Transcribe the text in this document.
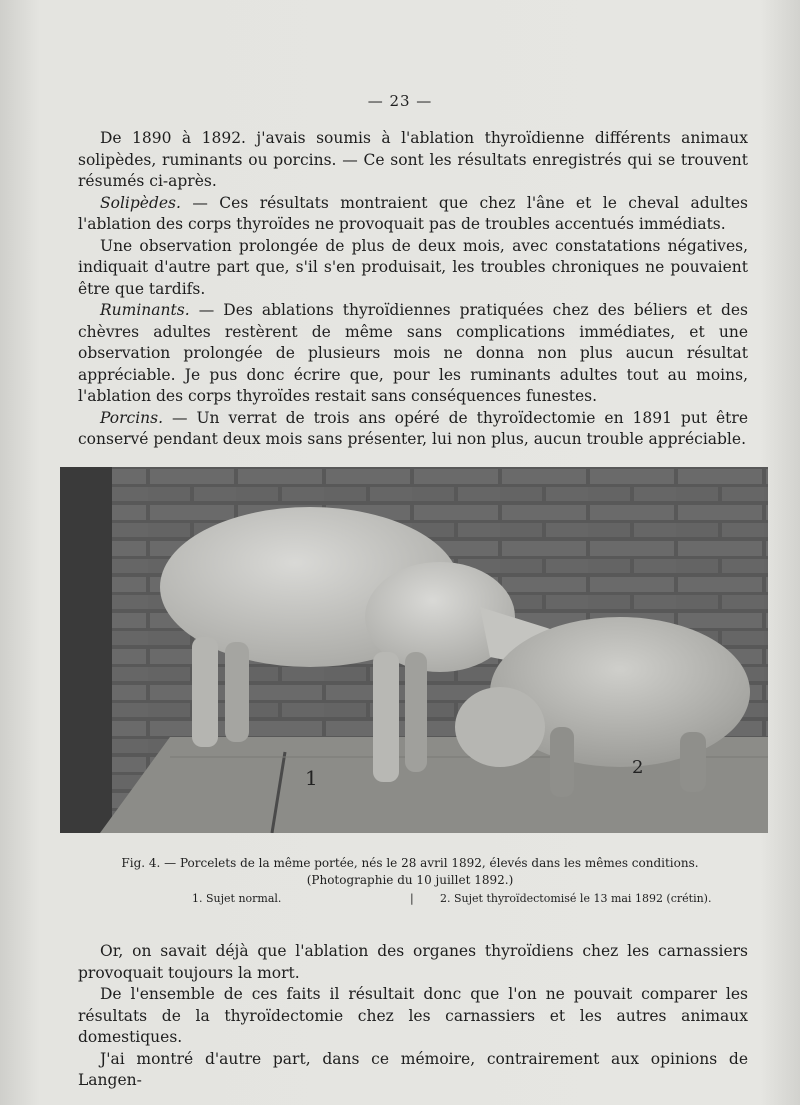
— 23 —

De 1890 à 1892. j'avais soumis à l'ablation thyroïdienne différents animaux solipèdes, ruminants ou porcins. — Ce sont les résultats enregistrés qui se trouvent résumés ci-après.

Solipèdes. — Ces résultats montraient que chez l'âne et le cheval adultes l'ablation des corps thyroïdes ne provoquait pas de troubles accentués immédiats.

Une observation prolongée de plus de deux mois, avec constatations négatives, indiquait d'autre part que, s'il s'en produisait, les troubles chroniques ne pouvaient être que tardifs.

Ruminants. — Des ablations thyroïdiennes pratiquées chez des béliers et des chèvres adultes restèrent de même sans complications immédiates, et une observation prolongée de plusieurs mois ne donna non plus aucun résultat appréciable. Je pus donc écrire que, pour les ruminants adultes tout au moins, l'ablation des corps thyroïdes restait sans conséquences funestes.

Porcins. — Un verrat de trois ans opéré de thyroïdectomie en 1891 put être conservé pendant deux mois sans présenter, lui non plus, aucun trouble appréciable.

1	2
Fig. 4. — Porcelets de la même portée, nés le 28 avril 1892, élevés dans les mêmes conditions. (Photographie du 10 juillet 1892.)
1. Sujet normal.	| 2. Sujet thyroïdectomisé le 13 mai 1892 (crétin).

Or, on savait déjà que l'ablation des organes thyroïdiens chez les carnassiers provoquait toujours la mort.

De l'ensemble de ces faits il résultait donc que l'on ne pouvait comparer les résultats de la thyroïdectomie chez les carnassiers et les autres animaux domestiques.

J'ai montré d'autre part, dans ce mémoire, contrairement aux opinions de Langen-
